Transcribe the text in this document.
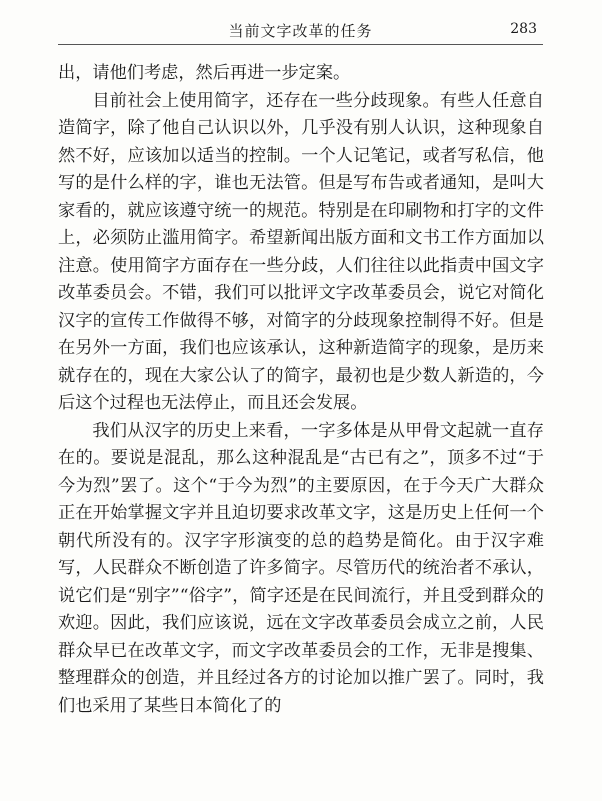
当前文字改革的任务	283

出，请他们考虑，然后再进一步定案。

目前社会上使用简字，还存在一些分歧现象。有些人任意自造简字，除了他自己认识以外，几乎没有别人认识，这种现象自然不好，应该加以适当的控制。一个人记笔记，或者写私信，他写的是什么样的字，谁也无法管。但是写布告或者通知，是叫大家看的，就应该遵守统一的规范。特别是在印刷物和打字的文件上，必须防止滥用简字。希望新闻出版方面和文书工作方面加以注意。使用简字方面存在一些分歧，人们往往以此指责中国文字改革委员会。不错，我们可以批评文字改革委员会，说它对简化汉字的宣传工作做得不够，对简字的分歧现象控制得不好。但是在另外一方面，我们也应该承认，这种新造简字的现象，是历来就存在的，现在大家公认了的简字，最初也是少数人新造的，今后这个过程也无法停止，而且还会发展。

我们从汉字的历史上来看，一字多体是从甲骨文起就一直存在的。要说是混乱，那么这种混乱是“古已有之”，顶多不过“于今为烈”罢了。这个“于今为烈”的主要原因，在于今天广大群众正在开始掌握文字并且迫切要求改革文字，这是历史上任何一个朝代所没有的。汉字字形演变的总的趋势是简化。由于汉字难写，人民群众不断创造了许多简字。尽管历代的统治者不承认，说它们是“别字”“俗字”，简字还是在民间流行，并且受到群众的欢迎。因此，我们应该说，远在文字改革委员会成立之前，人民群众早已在改革文字，而文字改革委员会的工作，无非是搜集、整理群众的创造，并且经过各方的讨论加以推广罢了。同时，我们也采用了某些日本简化了的
